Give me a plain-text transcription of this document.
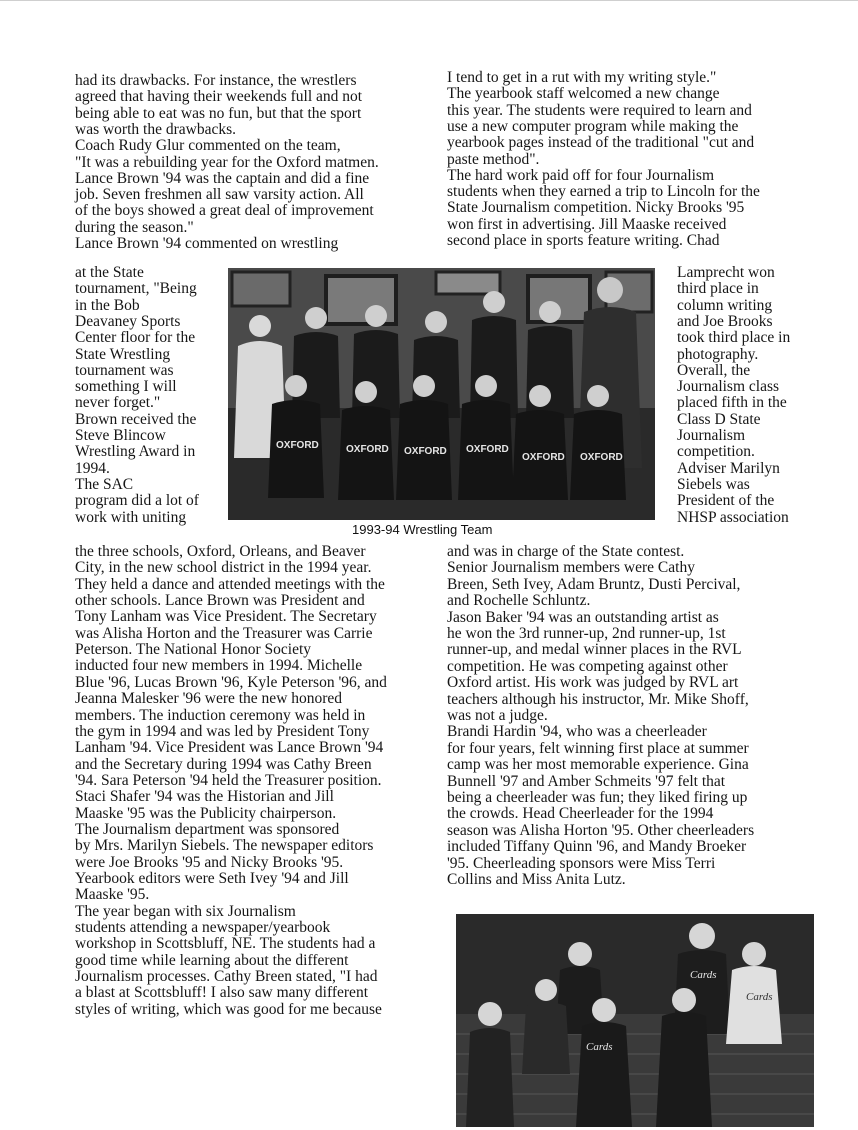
had its drawbacks. For instance, the wrestlers
agreed that having their weekends full and not
being able to eat was no fun, but that the sport
was worth the drawbacks.
Coach Rudy Glur commented on the team,
"It was a rebuilding year for the Oxford matmen.
Lance Brown '94 was the captain and did a fine
job. Seven freshmen all saw varsity action. All
of the boys showed a great deal of improvement
during the season."
Lance Brown '94 commented on wrestling
at the State
tournament, "Being
in the Bob
Deavaney Sports
Center floor for the
State Wrestling
tournament was
something I will
never forget."
Brown received the
Steve Blincow
Wrestling Award in
1994.
The SAC
program did a lot of
work with uniting
the three schools, Oxford, Orleans, and Beaver
City, in the new school district in the 1994 year.
They held a dance and attended meetings with the
other schools. Lance Brown was President and
Tony Lanham was Vice President. The Secretary
was Alisha Horton and the Treasurer was Carrie
Peterson. The National Honor Society
inducted four new members in 1994. Michelle
Blue '96, Lucas Brown '96, Kyle Peterson '96, and
Jeanna Malesker '96 were the new honored
members. The induction ceremony was held in
the gym in 1994 and was led by President Tony
Lanham '94. Vice President was Lance Brown '94
and the Secretary during 1994 was Cathy Breen
'94. Sara Peterson '94 held the Treasurer position.
Staci Shafer '94 was the Historian and Jill
Maaske '95 was the Publicity chairperson.
The Journalism department was sponsored
by Mrs. Marilyn Siebels. The newspaper editors
were Joe Brooks '95 and Nicky Brooks '95.
Yearbook editors were Seth Ivey '94 and Jill
Maaske '95.
The year began with six Journalism
students attending a newspaper/yearbook
workshop in Scottsbluff, NE. The students had a
good time while learning about the different
Journalism processes. Cathy Breen stated, "I had
a blast at Scottsbluff! I also saw many different
styles of writing, which was good for me because
I tend to get in a rut with my writing style."
The yearbook staff welcomed a new change
this year. The students were required to learn and
use a new computer program while making the
yearbook pages instead of the traditional "cut and
paste method".
The hard work paid off for four Journalism
students when they earned a trip to Lincoln for the
State Journalism competition. Nicky Brooks '95
won first in advertising. Jill Maaske received
second place in sports feature writing. Chad
Lamprecht won
third place in
column writing
and Joe Brooks
took third place in
photography.
Overall, the
Journalism class
placed fifth in the
Class D State
Journalism
competition.
Adviser Marilyn
Siebels was
President of the
NHSP association
and was in charge of the State contest.
Senior Journalism members were Cathy
Breen, Seth Ivey, Adam Bruntz, Dusti Percival,
and Rochelle Schluntz.
Jason Baker '94 was an outstanding artist as
he won the 3rd runner-up, 2nd runner-up, 1st
runner-up, and medal winner places in the RVL
competition. He was competing against other
Oxford artist. His work was judged by RVL art
teachers although his instructor, Mr. Mike Shoff,
was not a judge.
Brandi Hardin '94, who was a cheerleader
for four years, felt winning first place at summer
camp was her most memorable experience. Gina
Bunnell '97 and Amber Schmeits '97 felt that
being a cheerleader was fun; they liked firing up
the crowds. Head Cheerleader for the 1994
season was Alisha Horton '95. Other cheerleaders
included Tiffany Quinn '96, and Mandy Broeker
'95. Cheerleading sponsors were Miss Terri
Collins and Miss Anita Lutz.
OXFORD	OXFORD OXFORD OXFORD
OXFORD OXFORD
1993-94 Wrestling Team
Cards
Cards
Cards
